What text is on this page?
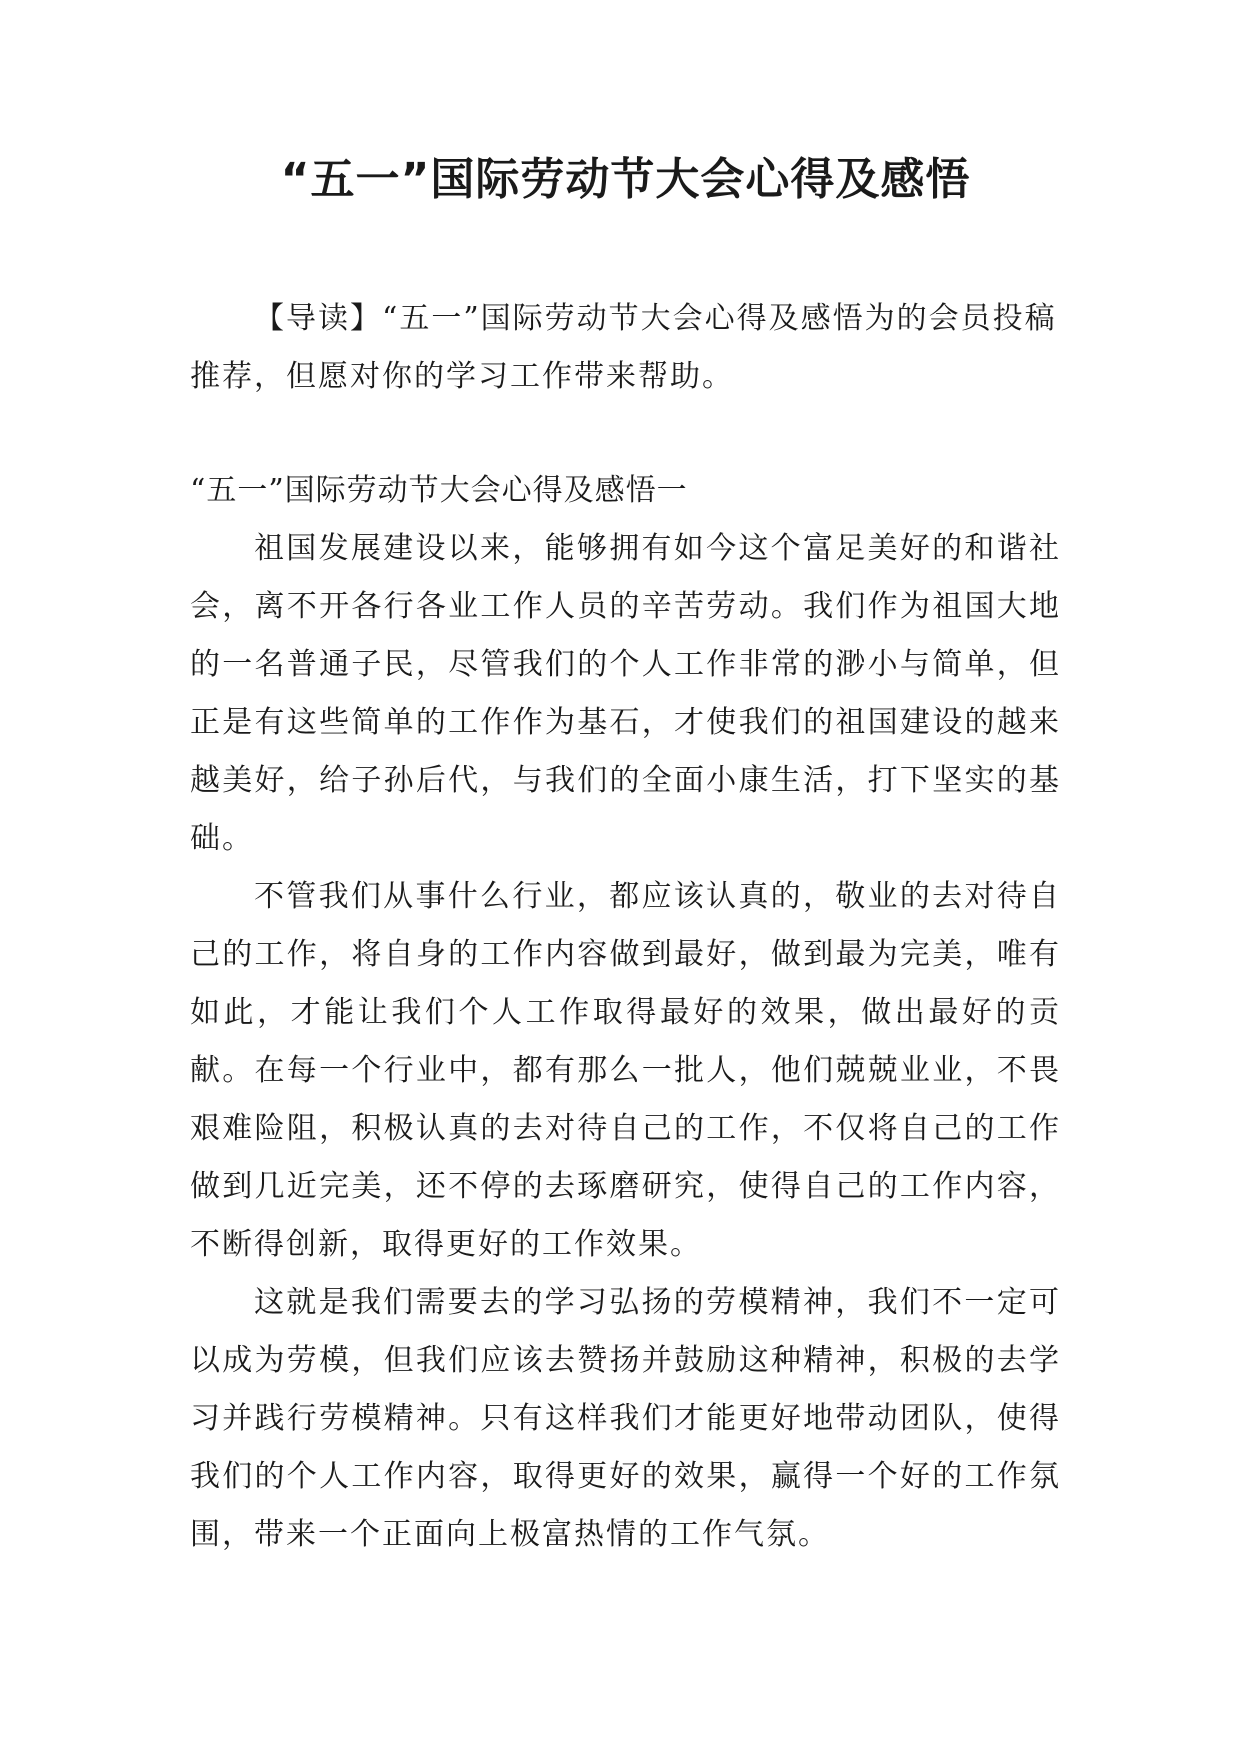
“五一”国际劳动节大会心得及感悟

【导读】“五一”国际劳动节大会心得及感悟为的会员投稿推荐，但愿对你的学习工作带来帮助。

“五一”国际劳动节大会心得及感悟一

祖国发展建设以来，能够拥有如今这个富足美好的和谐社会，离不开各行各业工作人员的辛苦劳动。我们作为祖国大地的一名普通子民，尽管我们的个人工作非常的渺小与简单，但正是有这些简单的工作作为基石，才使我们的祖国建设的越来越美好，给子孙后代，与我们的全面小康生活，打下坚实的基础。

不管我们从事什么行业，都应该认真的，敬业的去对待自己的工作，将自身的工作内容做到最好，做到最为完美，唯有如此，才能让我们个人工作取得最好的效果，做出最好的贡献。在每一个行业中，都有那么一批人，他们兢兢业业，不畏艰难险阻，积极认真的去对待自己的工作，不仅将自己的工作做到几近完美，还不停的去琢磨研究，使得自己的工作内容，不断得创新，取得更好的工作效果。

这就是我们需要去的学习弘扬的劳模精神，我们不一定可以成为劳模，但我们应该去赞扬并鼓励这种精神，积极的去学习并践行劳模精神。只有这样我们才能更好地带动团队，使得我们的个人工作内容，取得更好的效果，赢得一个好的工作氛围，带来一个正面向上极富热情的工作气氛。
